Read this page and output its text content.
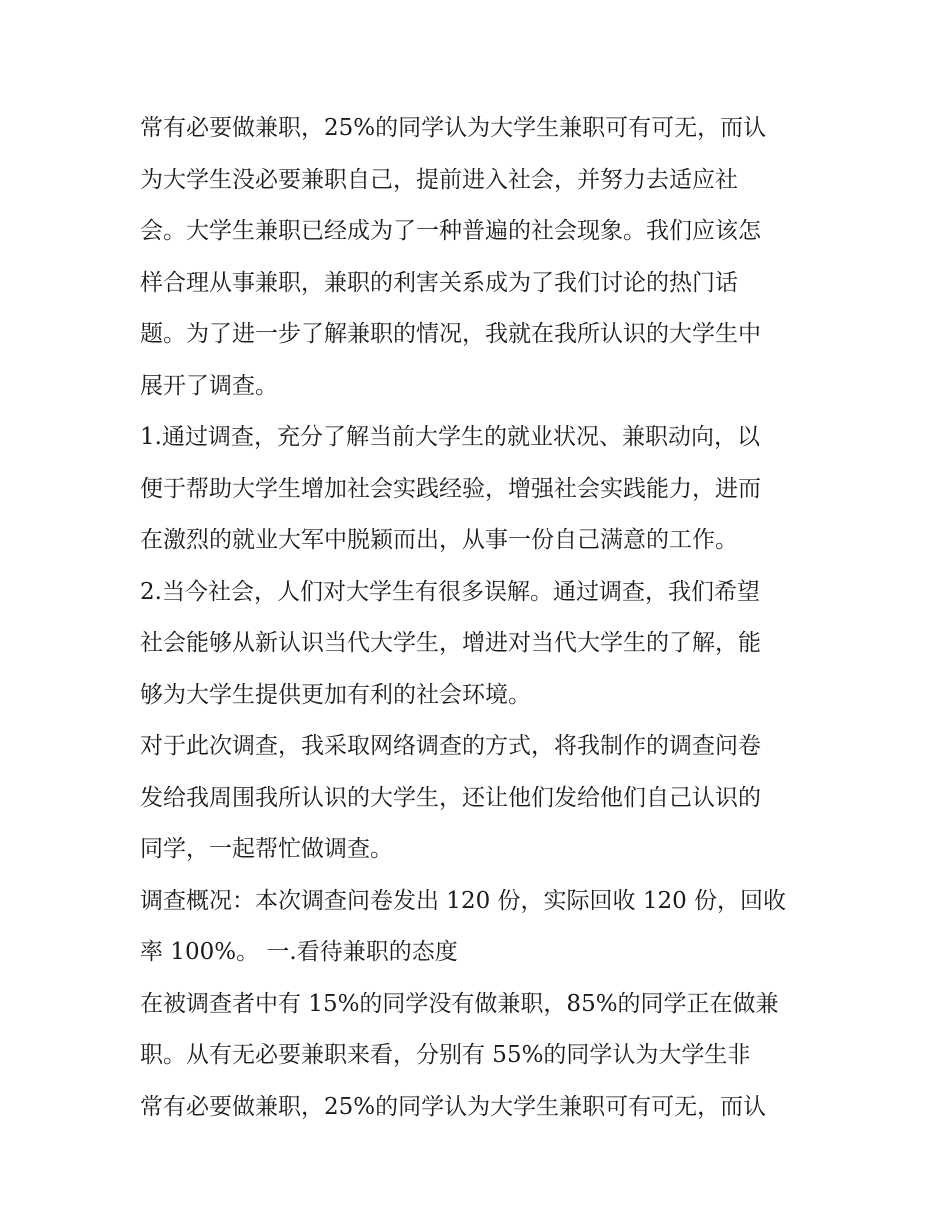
常有必要做兼职，25%的同学认为大学生兼职可有可无，而认
为大学生没必要兼职自己，提前进入社会，并努力去适应社
会。大学生兼职已经成为了一种普遍的社会现象。我们应该怎
样合理从事兼职，兼职的利害关系成为了我们讨论的热门话
题。为了进一步了解兼职的情况，我就在我所认识的大学生中
展开了调查。
1.通过调查，充分了解当前大学生的就业状况、兼职动向，以
便于帮助大学生增加社会实践经验，增强社会实践能力，进而
在激烈的就业大军中脱颖而出，从事一份自己满意的工作。
2.当今社会，人们对大学生有很多误解。通过调查，我们希望
社会能够从新认识当代大学生，增进对当代大学生的了解，能
够为大学生提供更加有利的社会环境。
对于此次调查，我采取网络调查的方式，将我制作的调查问卷
发给我周围我所认识的大学生，还让他们发给他们自己认识的
同学，一起帮忙做调查。
调查概况：本次调查问卷发出 120 份，实际回收 120 份，回收
率 100%。 一.看待兼职的态度
在被调查者中有 15%的同学没有做兼职，85%的同学正在做兼
职。从有无必要兼职来看，分别有 55%的同学认为大学生非
常有必要做兼职，25%的同学认为大学生兼职可有可无，而认
